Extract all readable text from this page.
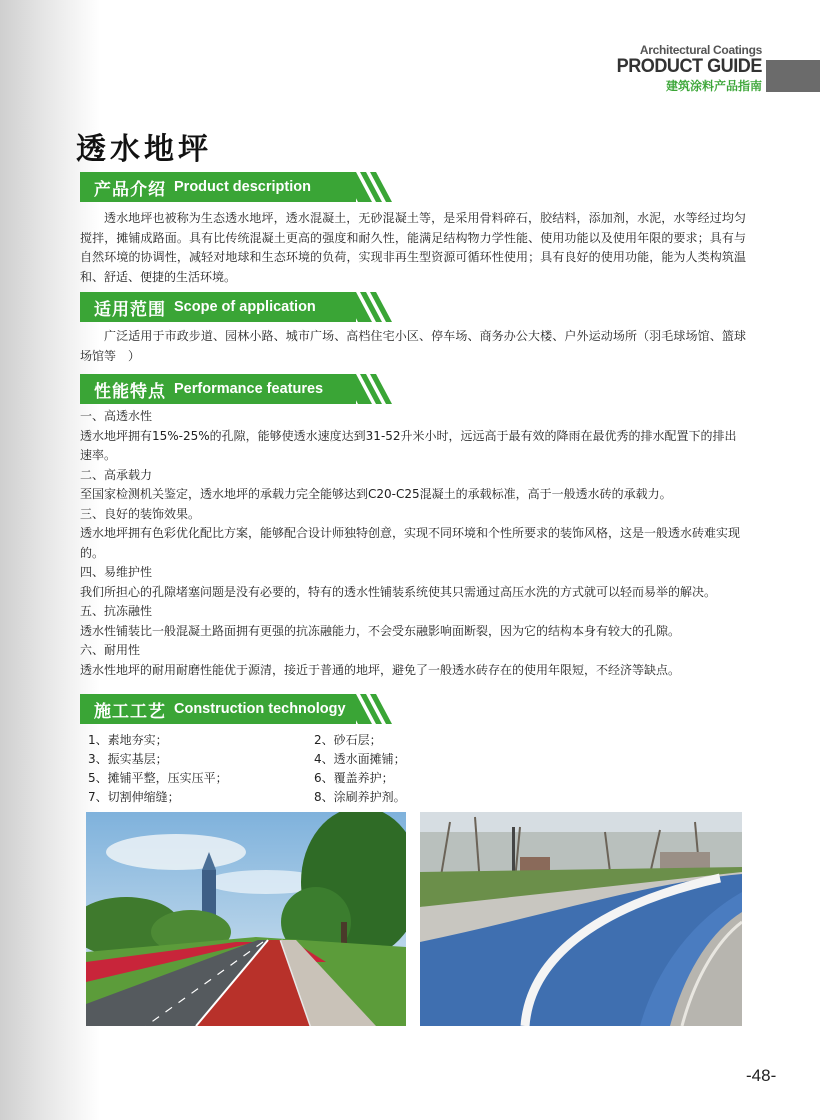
Architectural Coatings
PRODUCT GUIDE
建筑涂料产品指南
透水地坪
产品介绍 Product description
透水地坪也被称为生态透水地坪，透水混凝土，无砂混凝土等，是采用骨料碎石，胶结料，添加剂，水泥，水等经过均匀搅拌，摊铺成路面。具有比传统混凝土更高的强度和耐久性，能满足结构物力学性能、使用功能以及使用年限的要求；具有与自然环境的协调性，减轻对地球和生态环境的负荷，实现非再生型资源可循环性使用；具有良好的使用功能，能为人类构筑温和、舒适、便捷的生活环境。
适用范围 Scope of application
广泛适用于市政步道、园林小路、城市广场、高档住宅小区、停车场、商务办公大楼、户外运动场所（羽毛球场馆、篮球场馆等　）
性能特点 Performance features
一、高透水性
透水地坪拥有15%-25%的孔隙，能够使透水速度达到31-52升米小时，远远高于最有效的降雨在最优秀的排水配置下的排出速率。
二、高承载力
至国家检测机关鉴定，透水地坪的承载力完全能够达到C20-C25混凝土的承载标准，高于一般透水砖的承载力。
三、良好的装饰效果。
透水地坪拥有色彩优化配比方案，能够配合设计师独特创意，实现不同环境和个性所要求的装饰风格，这是一般透水砖难实现的。
四、易维护性
我们所担心的孔隙堵塞问题是没有必要的，特有的透水性铺装系统使其只需通过高压水洗的方式就可以轻而易举的解决。
五、抗冻融性
透水性铺装比一般混凝土路面拥有更强的抗冻融能力，不会受东融影响面断裂，因为它的结构本身有较大的孔隙。
六、耐用性
透水性地坪的耐用耐磨性能优于源清，接近于普通的地坪，避免了一般透水砖存在的使用年限短，不经济等缺点。
施工工艺 Construction technology
1、素地夯实；	2、砂石层；
3、振实基层；	4、透水面摊铺；
5、摊铺平整，压实压平；	6、覆盖养护；
7、切割伸缩缝；	8、涂刷养护剂。
-48-
